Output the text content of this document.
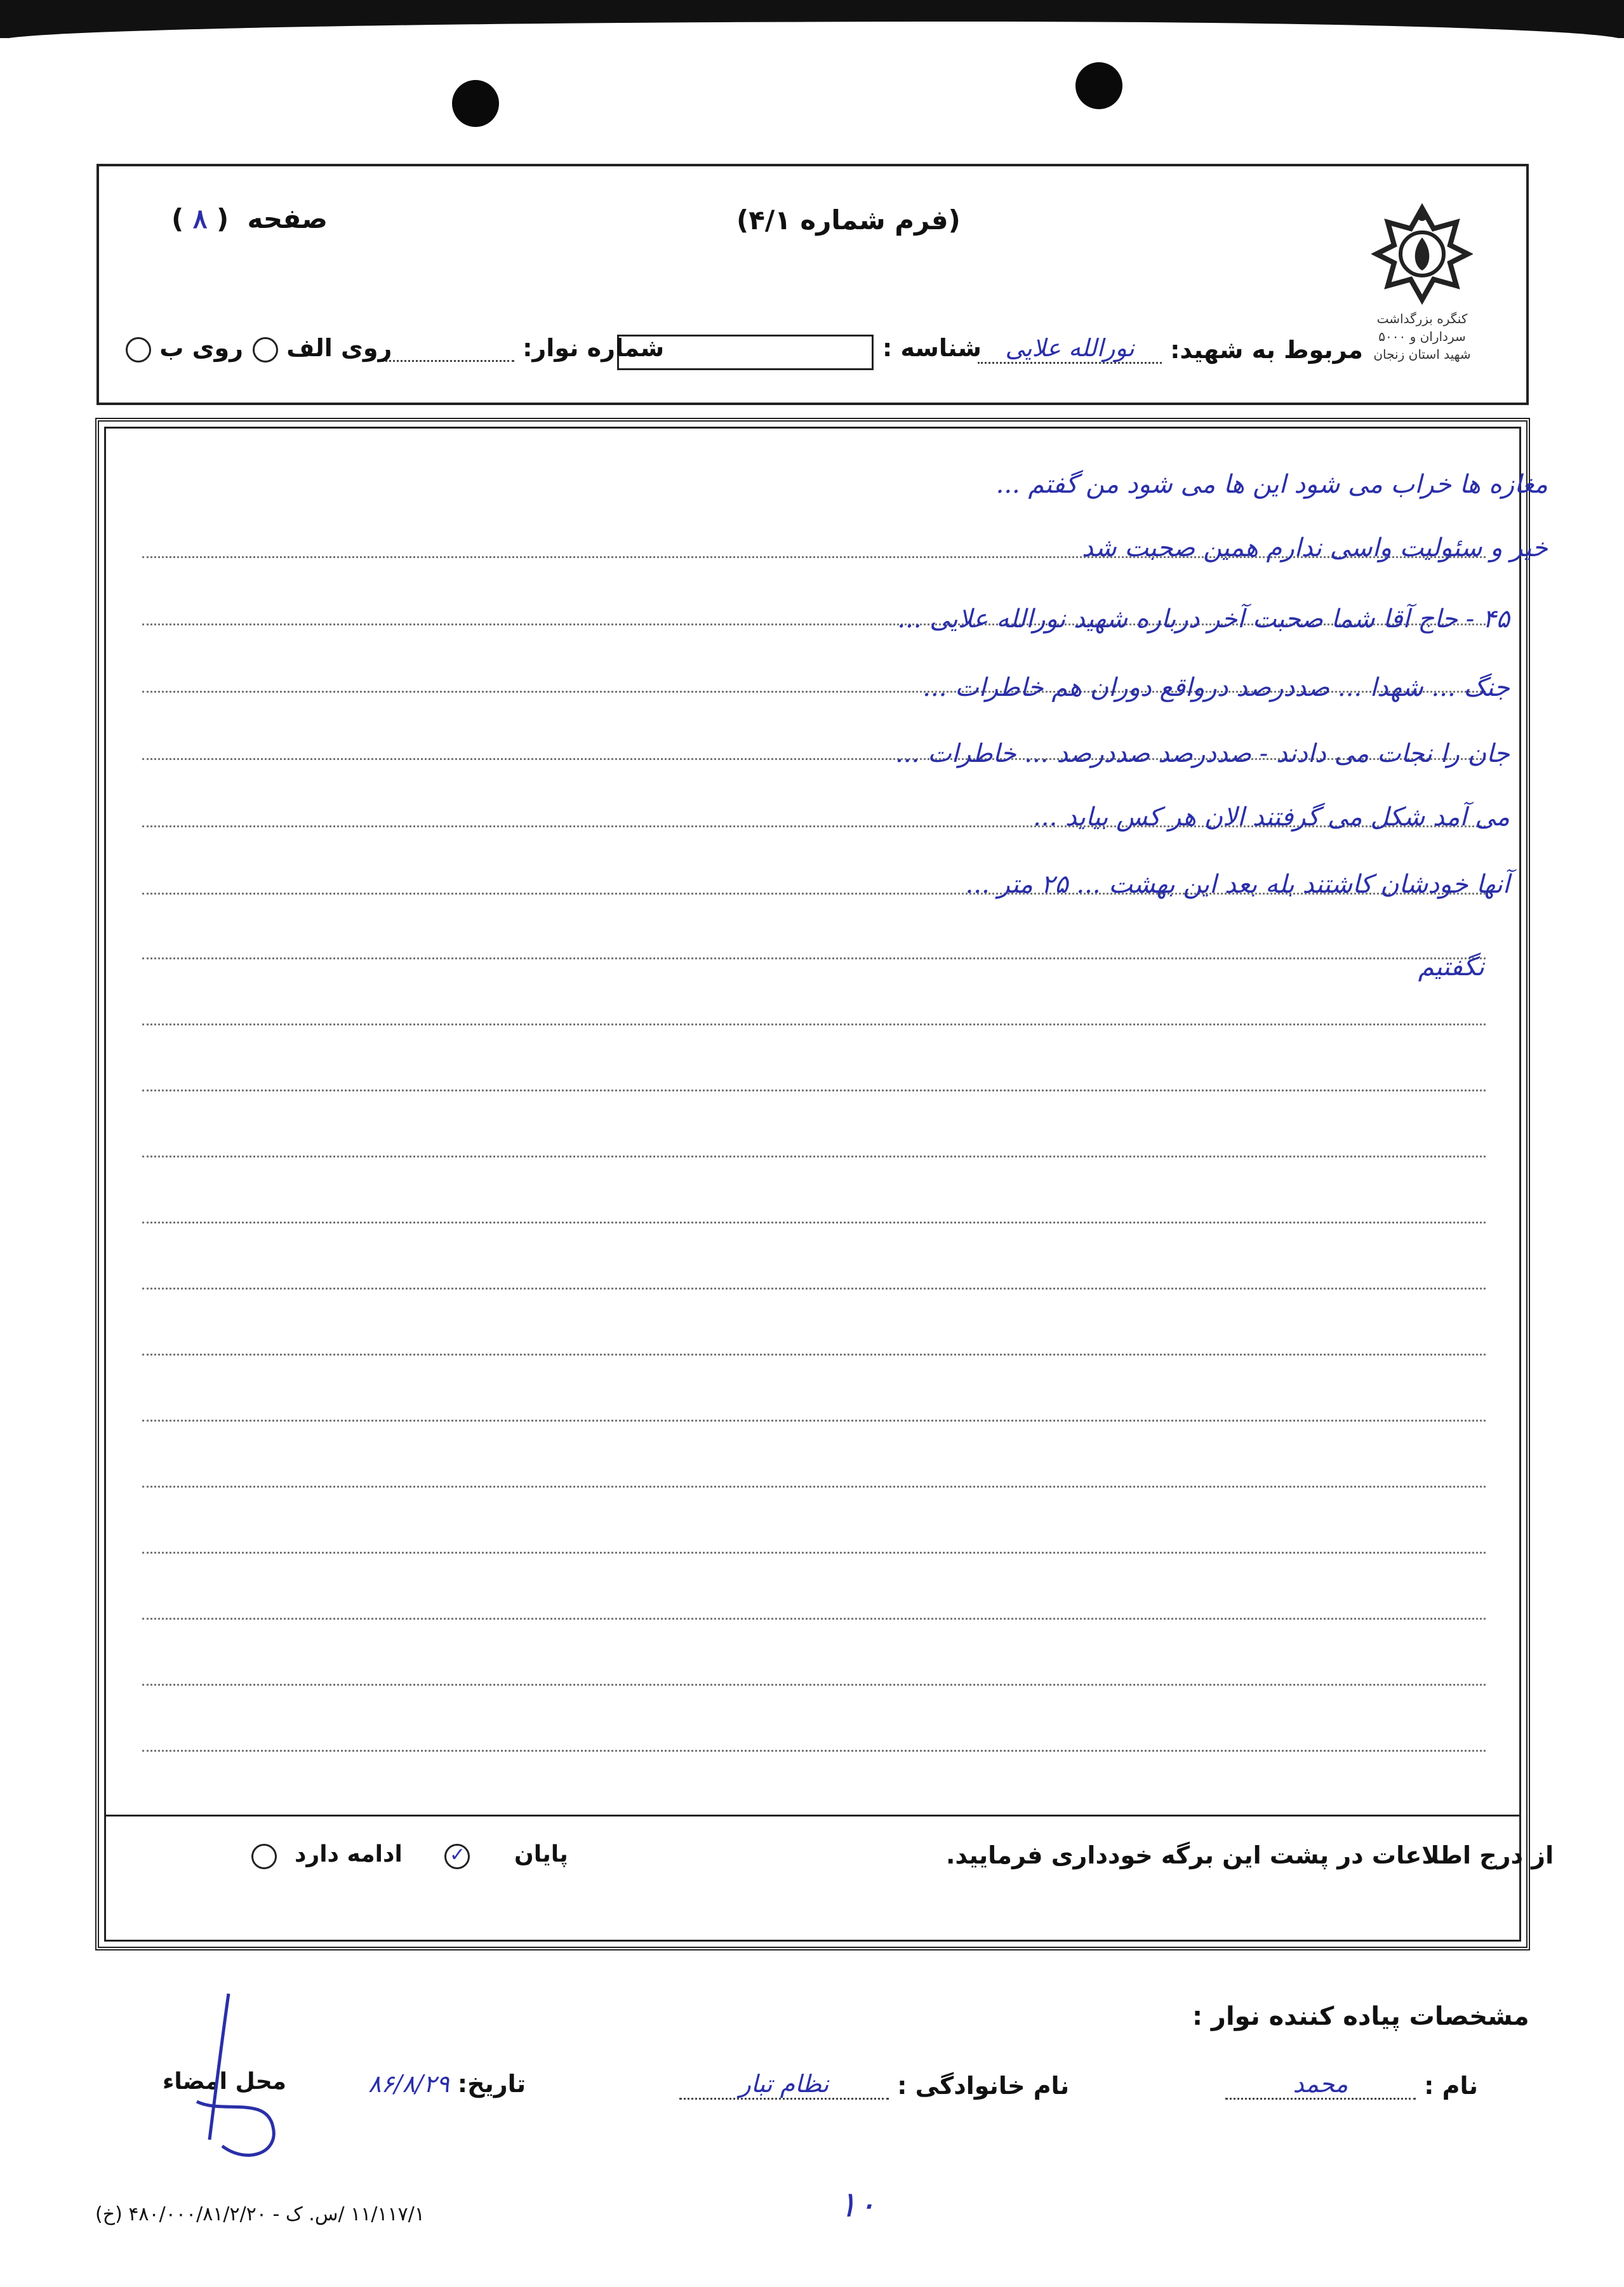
صفحه  ( ۸ )	(فرم شماره ۴/۱)
کنگره بزرگداشت سرداران و ۵۰۰۰ شهید استان زنجان
مربوط به شهید: نورالله علایی
شناسه :
شماره نوار:
روی الف
روی ب
مغازه ها خراب می شود این ها می شود من گفتم ...
خیر و سئولیت واسی ندارم همین صحبت شد
۴۵ - حاج آقا شما صحبت آخر درباره شهید نورالله علایی ...
جنگ ... شهدا ... صددرصد درواقع دوران هم خاطرات ...
جان را نجات می دادند - صددرصد صددرصد ... خاطرات ...
می آمد شکل می گرفتند الان هر کس بیاید ...
آنها خودشان کاشتند بله بعد این بهشت ... ۲۵ متر ...
نگفتیم
از درج اطلاعات در پشت این برگه خودداری فرمایید.
پایان
✓
ادامه دارد
مشخصات پیاده کننده نوار :
نام : محمد
نام خانوادگی : نظام تبار
تاریخ: ۸۶/۸/۲۹
محل امضاء
۱۱/۱۱۷/۱ /س. ک - ۴۸۰/۰۰۰/۸۱/۲/۲۰ (خ)	۱۰
